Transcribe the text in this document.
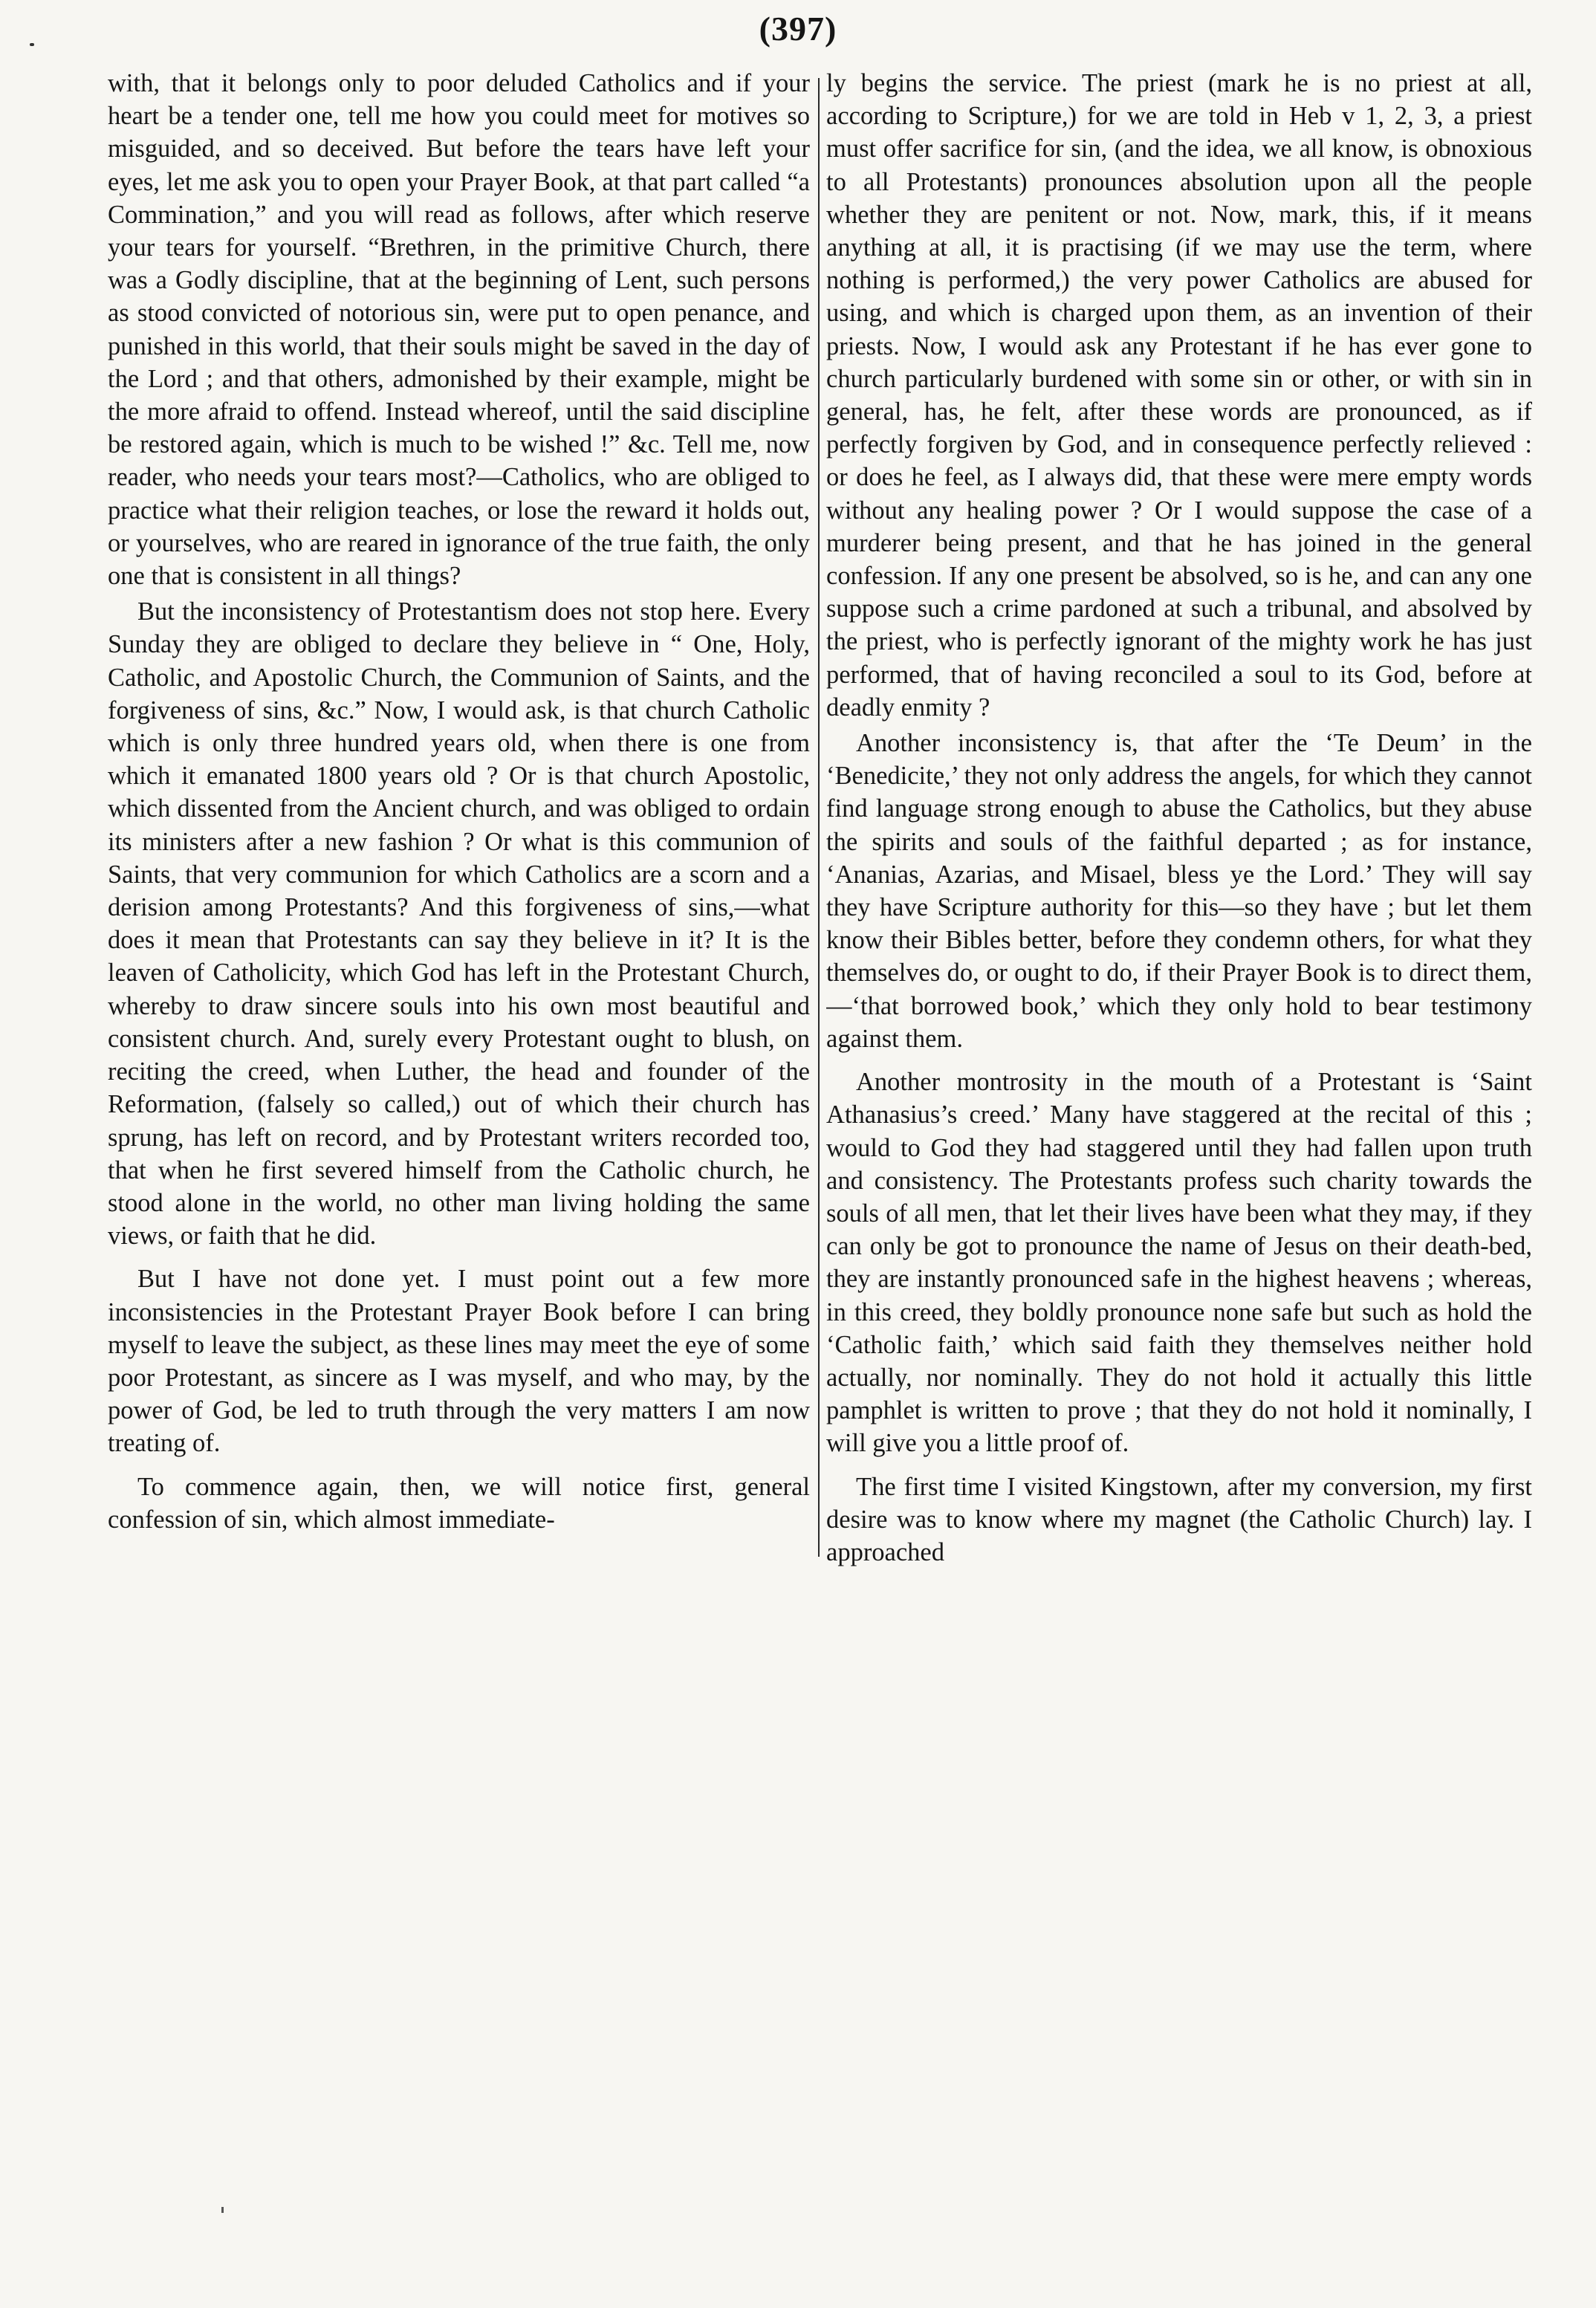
(397)

with, that it belongs only to poor deluded Catholics and if your heart be a tender one, tell me how you could meet for motives so misguided, and so deceived. But before the tears have left your eyes, let me ask you to open your Prayer Book, at that part called “a Commination,” and you will read as follows, after which reserve your tears for yourself. “Brethren, in the primitive Church, there was a Godly discipline, that at the beginning of Lent, such persons as stood convicted of notorious sin, were put to open penance, and punished in this world, that their souls might be saved in the day of the Lord ; and that others, admonished by their example, might be the more afraid to offend. Instead whereof, until the said discipline be restored again, which is much to be wished !” &c. Tell me, now reader, who needs your tears most?—Catholics, who are obliged to practice what their religion teaches, or lose the reward it holds out, or yourselves, who are reared in ignorance of the true faith, the only one that is consistent in all things?

But the inconsistency of Protestantism does not stop here. Every Sunday they are obliged to declare they believe in “ One, Holy, Catholic, and Apostolic Church, the Communion of Saints, and the forgiveness of sins, &c.” Now, I would ask, is that church Catholic which is only three hundred years old, when there is one from which it emanated 1800 years old ? Or is that church Apostolic, which dissented from the Ancient church, and was obliged to ordain its ministers after a new fashion ? Or what is this communion of Saints, that very communion for which Catholics are a scorn and a derision among Protestants? And this forgiveness of sins,—what does it mean that Protestants can say they believe in it? It is the leaven of Catholicity, which God has left in the Protestant Church, whereby to draw sincere souls into his own most beautiful and consistent church. And, surely every Protestant ought to blush, on reciting the creed, when Luther, the head and founder of the Reformation, (falsely so called,) out of which their church has sprung, has left on record, and by Protestant writers recorded too, that when he first severed himself from the Catholic church, he stood alone in the world, no other man living holding the same views, or faith that he did.

But I have not done yet. I must point out a few more inconsistencies in the Protestant Prayer Book before I can bring myself to leave the subject, as these lines may meet the eye of some poor Protestant, as sincere as I was myself, and who may, by the power of God, be led to truth through the very matters I am now treating of.

To commence again, then, we will notice first, general confession of sin, which almost immediate-

ly begins the service. The priest (mark he is no priest at all, according to Scripture,) for we are told in Heb v 1, 2, 3, a priest must offer sacrifice for sin, (and the idea, we all know, is obnoxious to all Protestants) pronounces absolution upon all the people whether they are penitent or not. Now, mark, this, if it means anything at all, it is practising (if we may use the term, where nothing is performed,) the very power Catholics are abused for using, and which is charged upon them, as an invention of their priests. Now, I would ask any Protestant if he has ever gone to church particularly burdened with some sin or other, or with sin in general, has, he felt, after these words are pronounced, as if perfectly forgiven by God, and in consequence perfectly relieved : or does he feel, as I always did, that these were mere empty words without any healing power ? Or I would suppose the case of a murderer being present, and that he has joined in the general confession. If any one present be absolved, so is he, and can any one suppose such a crime pardoned at such a tribunal, and absolved by the priest, who is perfectly ignorant of the mighty work he has just performed, that of having reconciled a soul to its God, before at deadly enmity ?

Another inconsistency is, that after the ‘Te Deum’ in the ‘Benedicite,’ they not only address the angels, for which they cannot find language strong enough to abuse the Catholics, but they abuse the spirits and souls of the faithful departed ; as for instance, ‘Ananias, Azarias, and Misael, bless ye the Lord.’ They will say they have Scripture authority for this—so they have ; but let them know their Bibles better, before they condemn others, for what they themselves do, or ought to do, if their Prayer Book is to direct them,—‘that borrowed book,’ which they only hold to bear testimony against them.

Another montrosity in the mouth of a Protestant is ‘Saint Athanasius’s creed.’ Many have staggered at the recital of this ; would to God they had staggered until they had fallen upon truth and consistency. The Protestants profess such charity towards the souls of all men, that let their lives have been what they may, if they can only be got to pronounce the name of Jesus on their death-bed, they are instantly pronounced safe in the highest heavens ; whereas, in this creed, they boldly pronounce none safe but such as hold the ‘Catholic faith,’ which said faith they themselves neither hold actually, nor nominally. They do not hold it actually this little pamphlet is written to prove ; that they do not hold it nominally, I will give you a little proof of.

The first time I visited Kingstown, after my conversion, my first desire was to know where my magnet (the Catholic Church) lay. I approached
